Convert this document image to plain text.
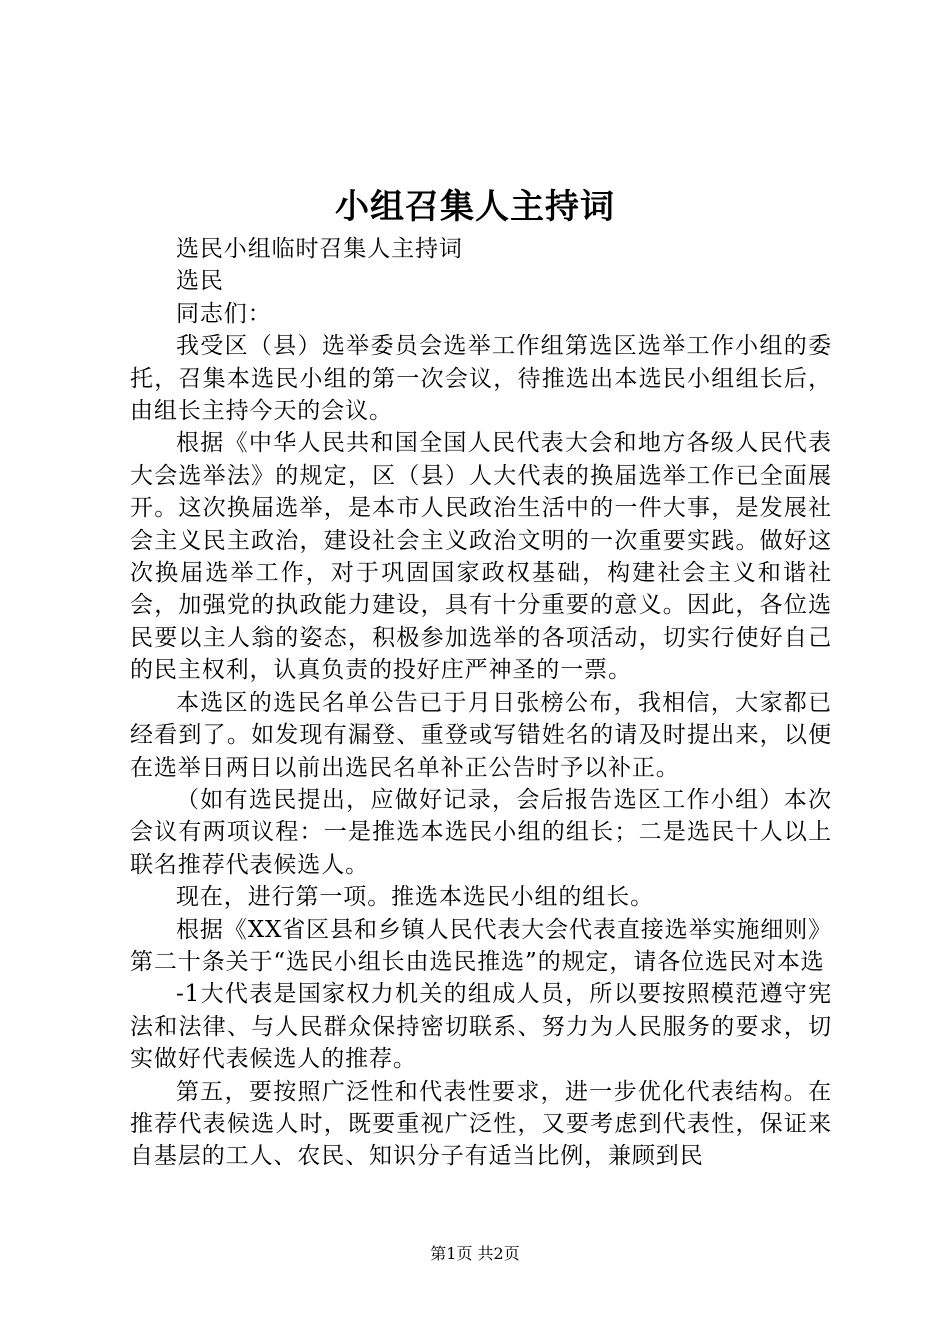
小组召集人主持词

选民小组临时召集人主持词

选民

同志们：

我受区（县）选举委员会选举工作组第选区选举工作小组的委托，召集本选民小组的第一次会议，待推选出本选民小组组长后，由组长主持今天的会议。

根据《中华人民共和国全国人民代表大会和地方各级人民代表大会选举法》的规定，区（县）人大代表的换届选举工作已全面展开。这次换届选举，是本市人民政治生活中的一件大事，是发展社会主义民主政治，建设社会主义政治文明的一次重要实践。做好这次换届选举工作，对于巩固国家政权基础，构建社会主义和谐社会，加强党的执政能力建设，具有十分重要的意义。因此，各位选民要以主人翁的姿态，积极参加选举的各项活动，切实行使好自己的民主权利，认真负责的投好庄严神圣的一票。

本选区的选民名单公告已于月日张榜公布，我相信，大家都已经看到了。如发现有漏登、重登或写错姓名的请及时提出来，以便在选举日两日以前出选民名单补正公告时予以补正。

（如有选民提出，应做好记录，会后报告选区工作小组）本次会议有两项议程：一是推选本选民小组的组长；二是选民十人以上联名推荐代表候选人。

现在，进行第一项。推选本选民小组的组长。

根据《XX省区县和乡镇人民代表大会代表直接选举实施细则》第二十条关于“选民小组长由选民推选”的规定，请各位选民对本选

-1大代表是国家权力机关的组成人员，所以要按照模范遵守宪法和法律、与人民群众保持密切联系、努力为人民服务的要求，切实做好代表候选人的推荐。

第五，要按照广泛性和代表性要求，进一步优化代表结构。在推荐代表候选人时，既要重视广泛性，又要考虑到代表性，保证来自基层的工人、农民、知识分子有适当比例，兼顾到民

第1页 共2页
